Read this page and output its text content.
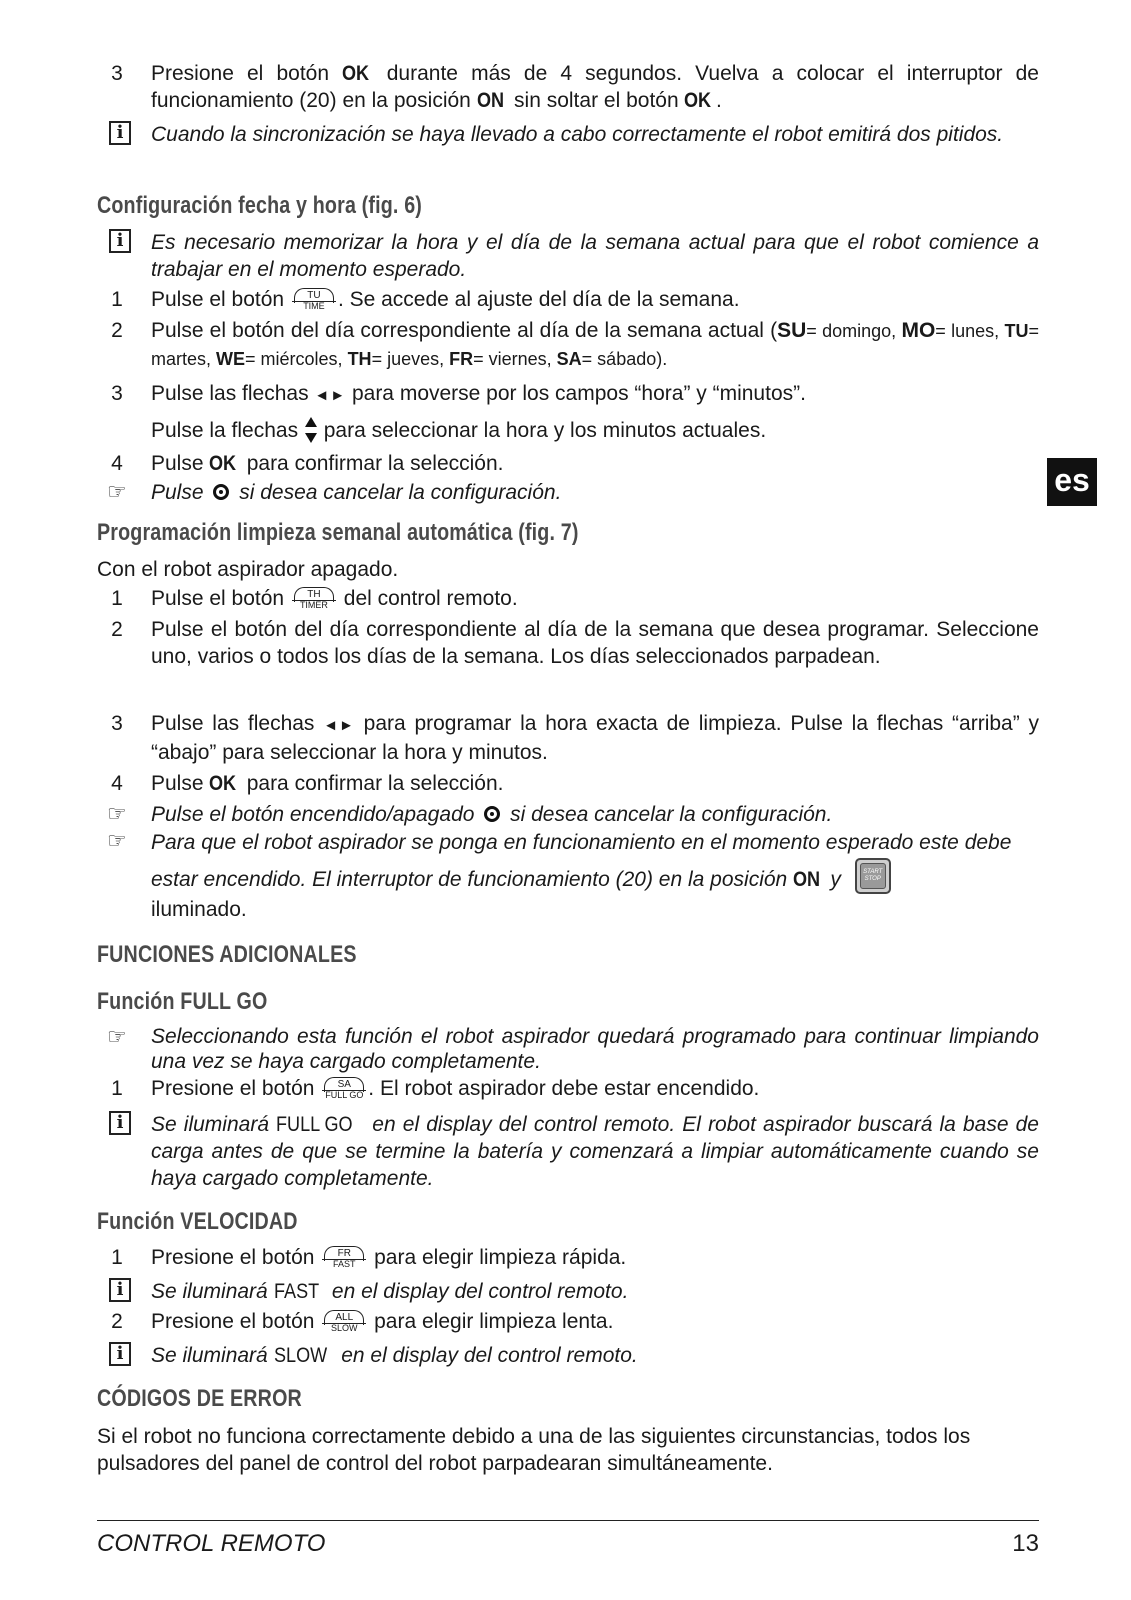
3	Presione el botón OK durante más de 4 segundos. Vuelva a colocar el interruptor de funcionamiento (20) en la posición ON sin soltar el botón OK .
i	Cuando la sincronización se haya llevado a cabo correctamente el robot emitirá dos pitidos.
Configuración fecha y hora (fig. 6)
i	Es necesario memorizar la hora y el día de la semana actual para que el robot comience a trabajar en el momento esperado.
1	Pulse el botón	TU
TIME . Se accede al ajuste del día de la semana.
2	Pulse el botón del día correspondiente al día de la semana actual (SU= domingo, MO= lunes, TU= martes, WE= miércoles, TH= jueves, FR= viernes, SA= sábado).
3	Pulse las flechas ◄► para moverse por los campos “hora” y “minutos”.

Pulse la flechas
para seleccionar la hora y los minutos actuales.
4	Pulse OK para confirmar la selección.	es
☞ Pulse  si desea cancelar la configuración.
Programación limpieza semanal automática (fig. 7)
Con el robot aspirador apagado.
1	Pulse el botón	TH
TIMER del control remoto.
2	Pulse el botón del día correspondiente al día de la semana que desea programar. Seleccione uno, varios o todos los días de la semana. Los días seleccionados parpadean.
3	Pulse las flechas ◄► para programar la hora exacta de limpieza. Pulse la flechas “arriba” y “abajo” para seleccionar la hora y minutos.
4	Pulse OK para confirmar la selección.
☞ Pulse el botón encendido/apagado  si desea cancelar la configuración.
☞ Para que el robot aspirador se ponga en funcionamiento en el momento esperado este debe estar encendido. El interruptor de funcionamiento (20) en la posición ON y	START
STOP

iluminado.
FUNCIONES ADICIONALES
Función FULL GO
☞ Seleccionando esta función el robot aspirador quedará programado para continuar limpiando una vez se haya cargado completamente.
1	Presione el botón	SA
FULL GO . El robot aspirador debe estar encendido.
i	Se iluminará FULL GO en el display del control remoto. El robot aspirador buscará la base de carga antes de que se termine la batería y comenzará a limpiar automáticamente cuando se haya cargado completamente.
Función VELOCIDAD
1	Presione el botón	FR
FAST para elegir limpieza rápida.
i	Se iluminará FAST en el display del control remoto.
2	Presione el botón	ALL
SLOW para elegir limpieza lenta.
i	Se iluminará SLOW en el display del control remoto.
CÓDIGOS DE ERROR
Si el robot no funciona correctamente debido a una de las siguientes circunstancias, todos los pulsadores del panel de control del robot parpadearan simultáneamente.
CONTROL REMOTO	13
